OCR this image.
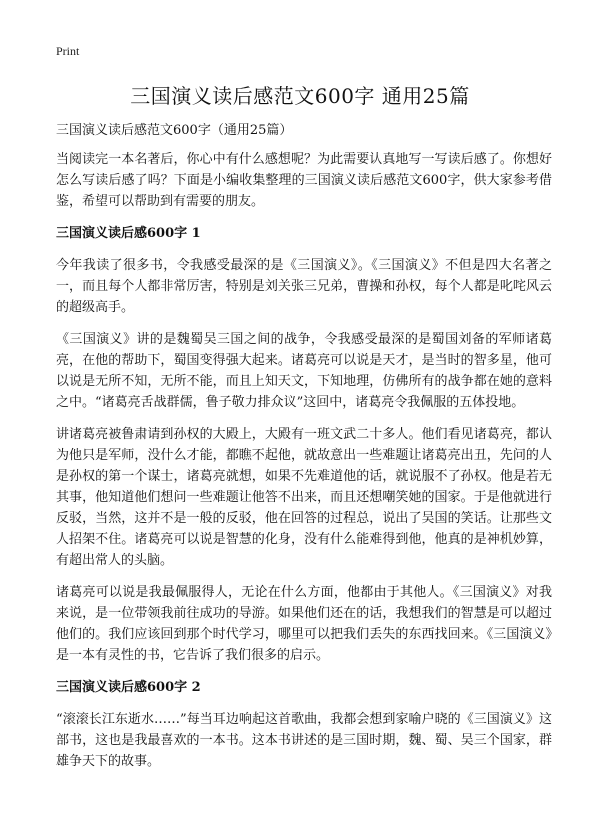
Print
三国演义读后感范文600字 通用25篇

三国演义读后感范文600字（通用25篇）

当阅读完一本名著后，你心中有什么感想呢？为此需要认真地写一写读后感了。你想好怎么写读后感了吗？下面是小编收集整理的三国演义读后感范文600字，供大家参考借鉴，希望可以帮助到有需要的朋友。

三国演义读后感600字 1

今年我读了很多书，令我感受最深的是《三国演义》。《三国演义》不但是四大名著之一，而且每个人都非常厉害，特别是刘关张三兄弟，曹操和孙权，每个人都是叱咤风云的超级高手。

《三国演义》讲的是魏蜀吴三国之间的战争，令我感受最深的是蜀国刘备的军师诸葛亮，在他的帮助下，蜀国变得强大起来。诸葛亮可以说是天才，是当时的智多星，他可以说是无所不知，无所不能，而且上知天文，下知地理，仿佛所有的战争都在她的意料之中。“诸葛亮舌战群儒，鲁子敬力排众议”这回中，诸葛亮令我佩服的五体投地。

讲诸葛亮被鲁肃请到孙权的大殿上，大殿有一班文武二十多人。他们看见诸葛亮，都认为他只是军师，没什么才能，都瞧不起他，就故意出一些难题让诸葛亮出丑，先问的人是孙权的第一个谋士，诸葛亮就想，如果不先难道他的话，就说服不了孙权。他是若无其事，他知道他们想问一些难题让他答不出来，而且还想嘲笑她的国家。于是他就进行反驳，当然，这并不是一般的反驳，他在回答的过程总，说出了吴国的笑话。让那些文人招架不住。诸葛亮可以说是智慧的化身，没有什么能难得到他，他真的是神机妙算，有超出常人的头脑。

诸葛亮可以说是我最佩服得人，无论在什么方面，他都由于其他人。《三国演义》对我来说，是一位带领我前往成功的导游。如果他们还在的话，我想我们的智慧是可以超过他们的。我们应该回到那个时代学习，哪里可以把我们丢失的东西找回来。《三国演义》是一本有灵性的书，它告诉了我们很多的启示。

三国演义读后感600字 2

“滚滚长江东逝水……”每当耳边响起这首歌曲，我都会想到家喻户晓的《三国演义》这部书，这也是我最喜欢的一本书。这本书讲述的是三国时期，魏、蜀、吴三个国家，群雄争天下的故事。
